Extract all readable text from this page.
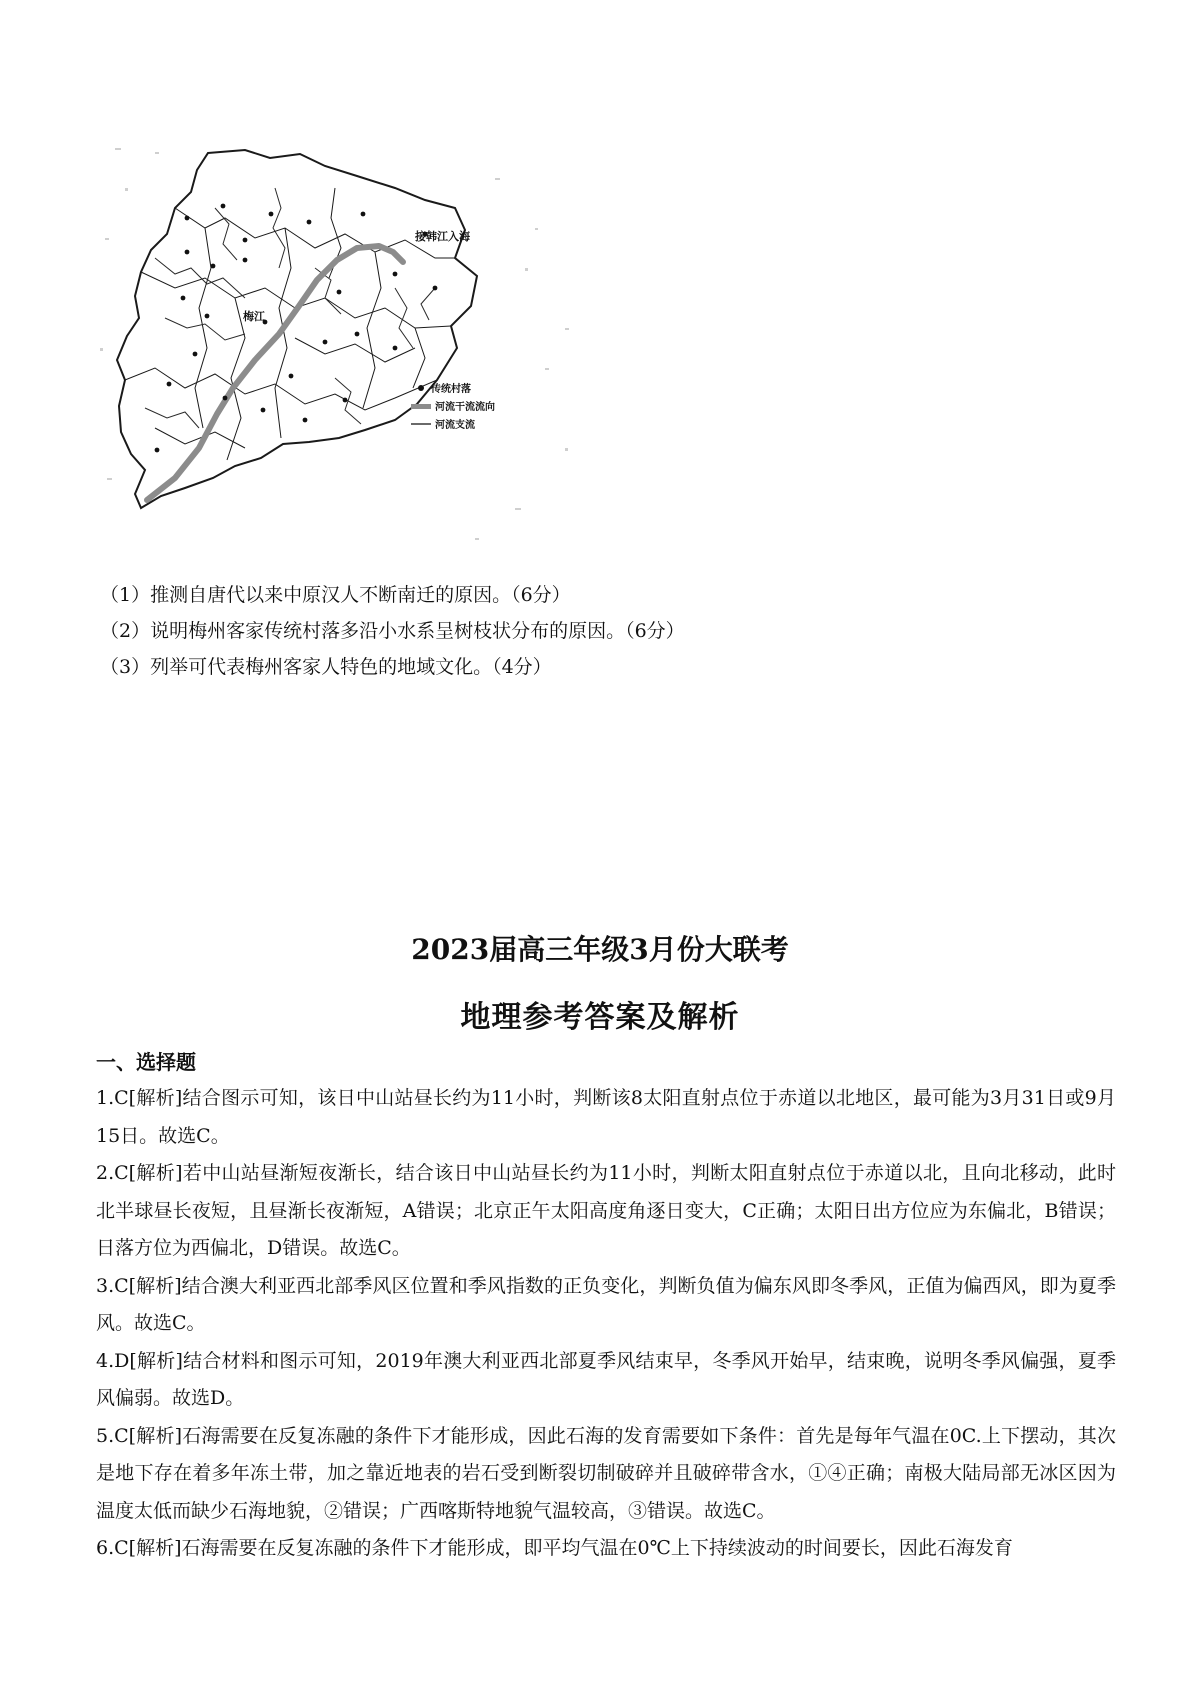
接韩江入海
梅江
传统村落
河流干流流向
河流支流
（1）推测自唐代以来中原汉人不断南迁的原因。（6分）
（2）说明梅州客家传统村落多沿小水系呈树枝状分布的原因。（6分）
（3）列举可代表梅州客家人特色的地域文化。（4分）
2023届高三年级3月份大联考
地理参考答案及解析
一、选择题

1.C[解析]结合图示可知，该日中山站昼长约为11小时，判断该8太阳直射点位于赤道以北地区，最可能为3月31日或9月15日。故选C。

2.C[解析]若中山站昼渐短夜渐长，结合该日中山站昼长约为11小时，判断太阳直射点位于赤道以北，且向北移动，此时北半球昼长夜短，且昼渐长夜渐短，A错误；北京正午太阳高度角逐日变大，C正确；太阳日出方位应为东偏北，B错误；日落方位为西偏北，D错误。故选C。

3.C[解析]结合澳大利亚西北部季风区位置和季风指数的正负变化，判断负值为偏东风即冬季风，正值为偏西风，即为夏季风。故选C。

4.D[解析]结合材料和图示可知，2019年澳大利亚西北部夏季风结束早，冬季风开始早，结束晚，说明冬季风偏强，夏季风偏弱。故选D。

5.C[解析]石海需要在反复冻融的条件下才能形成，因此石海的发育需要如下条件：首先是每年气温在0C.上下摆动，其次是地下存在着多年冻土带，加之靠近地表的岩石受到断裂切制破碎并且破碎带含水，①④正确；南极大陆局部无冰区因为温度太低而缺少石海地貌，②错误；广西喀斯特地貌气温较高，③错误。故选C。

6.C[解析]石海需要在反复冻融的条件下才能形成，即平均气温在0℃上下持续波动的时间要长，因此石海发育
